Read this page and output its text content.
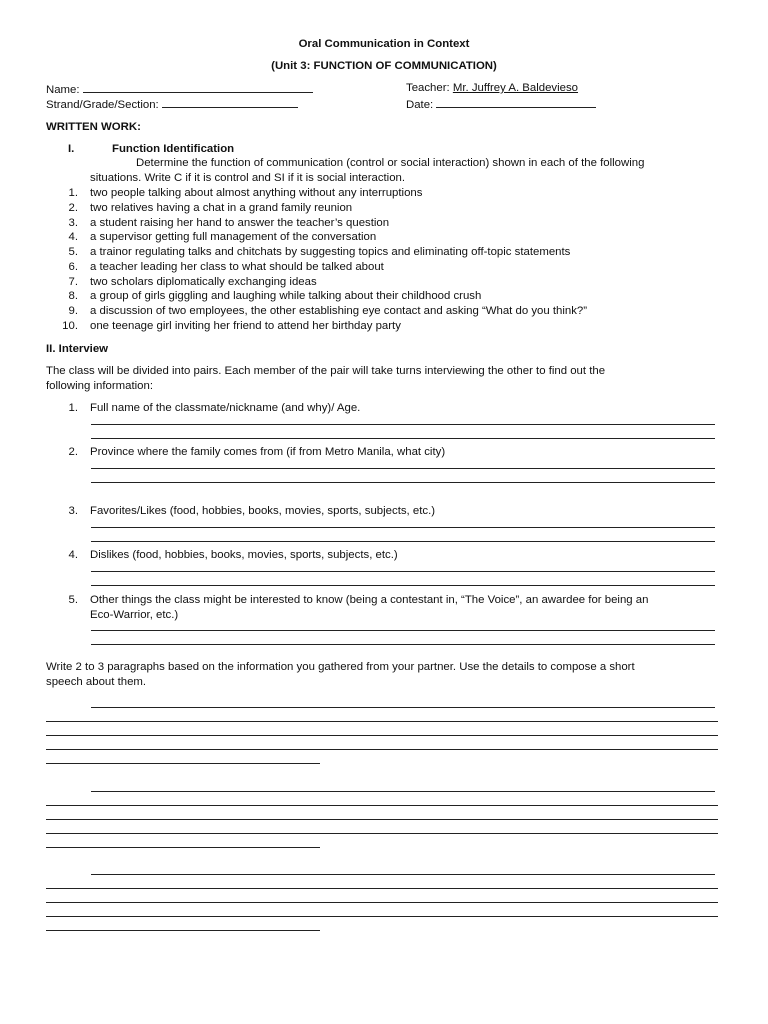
Oral Communication in Context
(Unit 3: FUNCTION OF COMMUNICATION)
Name:
Strand/Grade/Section:
Teacher: Mr. Juffrey A. Baldevieso
Date:
WRITTEN WORK:
I.	Function Identification
Determine the function of communication (control or social interaction) shown in each of the following
situations. Write C if it is control and SI if it is social interaction.
1. two people talking about almost anything without any interruptions
2. two relatives having a chat in a grand family reunion
3. a student raising her hand to answer the teacher’s question
4. a supervisor getting full management of the conversation
5. a trainor regulating talks and chitchats by suggesting topics and eliminating off-topic statements
6. a teacher leading her class to what should be talked about
7. two scholars diplomatically exchanging ideas
8. a group of girls giggling and laughing while talking about their childhood crush
9. a discussion of two employees, the other establishing eye contact and asking “What do you think?”
10. one teenage girl inviting her friend to attend her birthday party
II. Interview
The class will be divided into pairs. Each member of the pair will take turns interviewing the other to find out the
following information:
1. Full name of the classmate/nickname (and why)/ Age.
2. Province where the family comes from (if from Metro Manila, what city)
3. Favorites/Likes (food, hobbies, books, movies, sports, subjects, etc.)
4. Dislikes (food, hobbies, books, movies, sports, subjects, etc.)
5. Other things the class might be interested to know (being a contestant in, “The Voice”, an awardee for being an
Eco-Warrior, etc.)
Write 2 to 3 paragraphs based on the information you gathered from your partner. Use the details to compose a short
speech about them.
